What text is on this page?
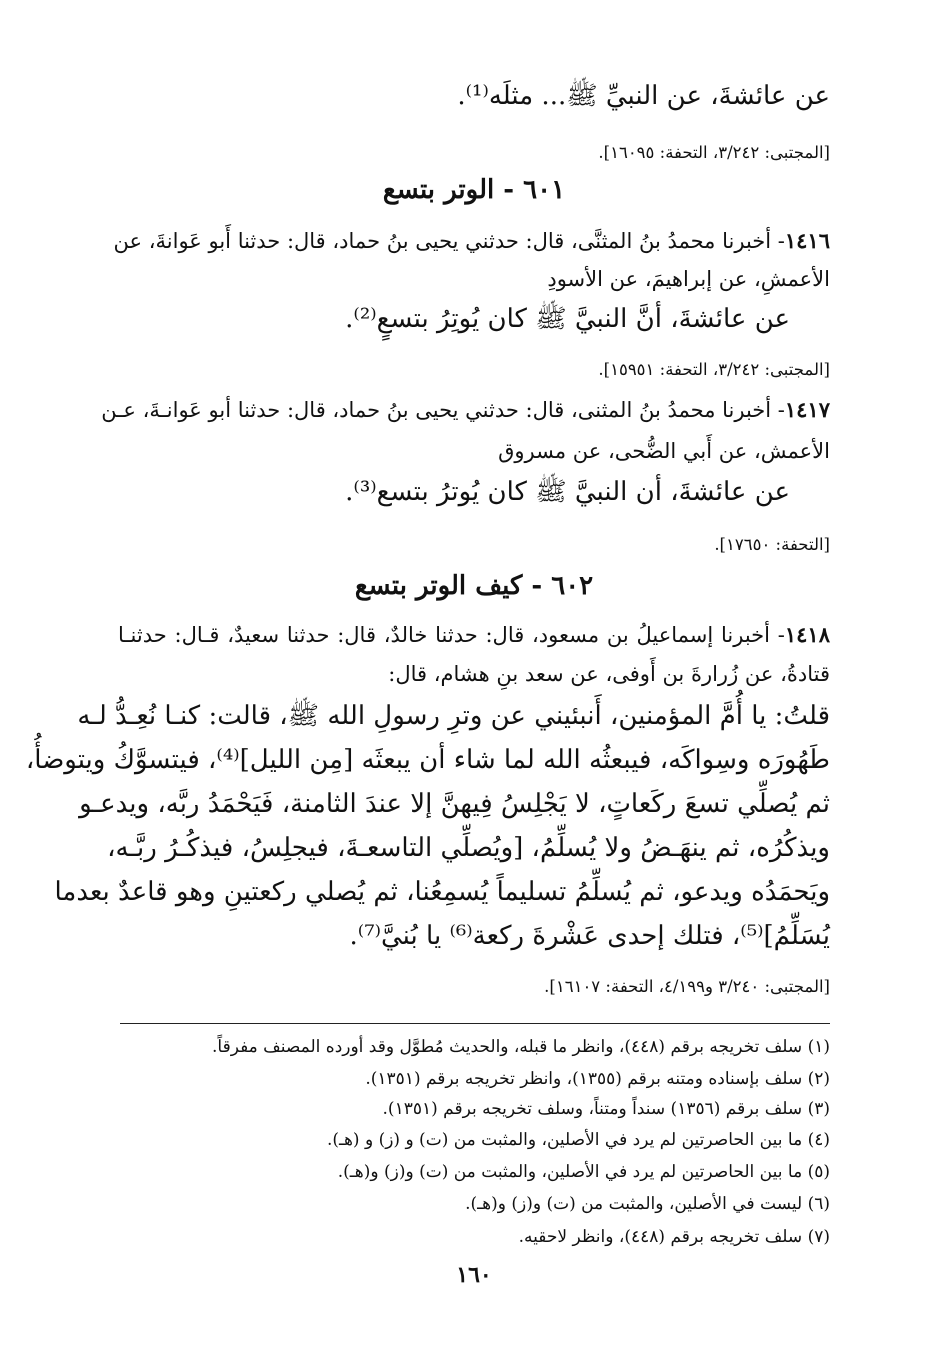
عن عائشةَ، عن النبيِّ ﷺ... مثلَه⁽¹⁾.
[المجتبى: ٣/٢٤٢، التحفة: ١٦٠٩٥].
٦٠١ - الوتر بتسع
١٤١٦- أخبرنا محمدُ بنُ المثنَّى، قال: حدثني يحيى بنُ حماد، قال: حدثنا أَبو عَوانةَ، عن
الأعمشِ، عن إبراهيمَ، عن الأسودِ
عن عائشةَ، أنَّ النبيَّ ﷺ كان يُوتِرُ بتسعٍ⁽²⁾.
[المجتبى: ٣/٢٤٢، التحفة: ١٥٩٥١].
١٤١٧- أخبرنا محمدُ بنُ المثنى، قال: حدثني يحيى بنُ حماد، قال: حدثنا أبو عَوانـةَ، عـن
الأعمش، عن أَبي الضُّحى، عن مسروق
عن عائشةَ، أن النبيَّ ﷺ كان يُوترُ بتسع⁽³⁾.
[التحفة: ١٧٦٥٠].
٦٠٢ - كيف الوتر بتسع
١٤١٨- أخبرنا إسماعيلُ بن مسعود، قال: حدثنا خالدٌ، قال: حدثنا سعيدٌ، قـال: حدثنـا
قتادةُ، عن زُرارةَ بن أَوفى، عن سعد بنِ هشام، قال:
قلتُ: يا أُمَّ المؤمنين، أَنبئيني عن وترِ رسولِ الله ﷺ، قالت: كنـا نُعِـدُّ لـه
طَهُورَه وسِواكَه، فيبعثُه الله لما شاء أن يبعثَه [مِن الليل]⁽⁴⁾، فيتسوَّكُ ويتوضأُ،
ثم يُصلِّي تسعَ ركَعاتٍ، لا يَجْلِسُ فِيهنَّ إلا عندَ الثامنة، فَيَحْمَدُ ربَّه، ويدعـو
ويذكُرُه، ثم ينهَـضُ ولا يُسلِّمُ، [ويُصلِّي التاسعـةَ، فيجلِسُ، فيذكُـرُ ربَّـه،
ويَحمَدُه ويدعو، ثم يُسلِّمُ تسليماً يُسمِعُنا، ثم يُصلي ركعتينِ وهو قاعدٌ بعدما
يُسَلِّمُ]⁽⁵⁾، فتلك إحدى عَشْرةَ ركعة⁽⁶⁾ يا بُنيَّ⁽⁷⁾.
[المجتبى: ٣/٢٤٠ و٤/١٩٩، التحفة: ١٦١٠٧].
(١) سلف تخريجه برقم (٤٤٨)، وانظر ما قبله، والحديث مُطوَّل وقد أورده المصنف مفرقاً.
(٢) سلف بإسناده ومتنه برقم (١٣٥٥)، وانظر تخريجه برقم (١٣٥١).
(٣) سلف برقم (١٣٥٦) سنداً ومتناً، وسلف تخريجه برقم (١٣٥١).
(٤) ما بين الحاصرتين لم يرد في الأصلين، والمثبت من (ت) و (ز) و (هـ).
(٥) ما بين الحاصرتين لم يرد في الأصلين، والمثبت من (ت) و(ز) و(هـ).
(٦) ليست في الأصلين، والمثبت من (ت) و(ز) و(هـ).
(٧) سلف تخريجه برقم (٤٤٨)، وانظر لاحقيه.
١٦٠
